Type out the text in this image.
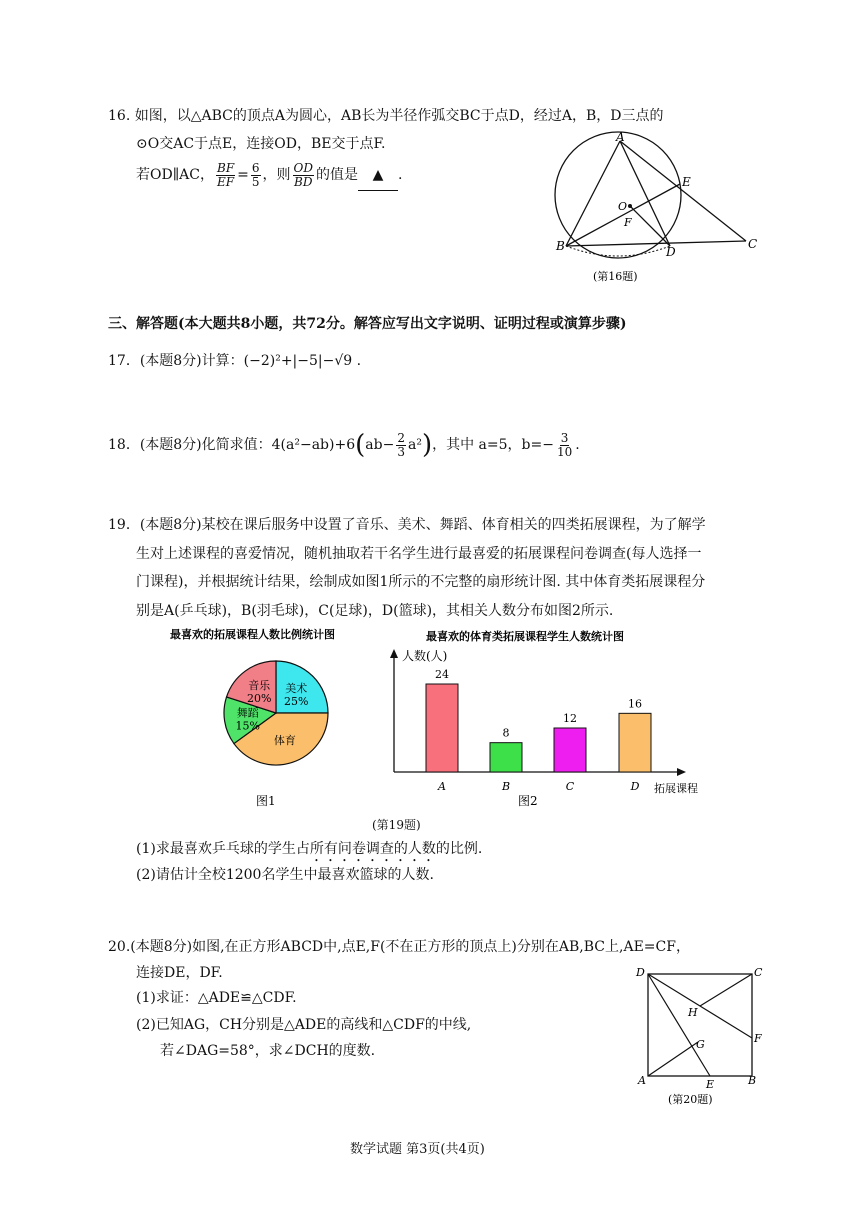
16. 如图，以△ABC的顶点A为圆心，AB长为半径作弧交BC于点D，经过A，B，D三点的
⊙O交AC于点E，连接OD，BE交于点F.
若OD∥AC， $\frac{BF}{EF} = \frac{6}{5}$ ，则 $\frac{OD}{BD}$ 的值是 ▲ .
A
B	C
D
E
F
O
(第16题)
三、解答题(本大题共8小题，共72分。解答应写出文字说明、证明过程或演算步骤)
17．(本题8分)计算：(−2)²+|−5|−√9 .
18．(本题8分)化简求值：$4(a^2-ab)+6(ab- \frac{2}{3} a^2)$，其中 a=5，$b=- \frac{3}{10}$ .
19．(本题8分)某校在课后服务中设置了音乐、美术、舞蹈、体育相关的四类拓展课程，为了解学
生对上述课程的喜爱情况，随机抽取若干名学生进行最喜爱的拓展课程问卷调查(每人选择一
门课程)，并根据统计结果，绘制成如图1所示的不完整的扇形统计图. 其中体育类拓展课程分
别是A(乒乓球)，B(羽毛球)，C(足球)，D(篮球)，其相关人数分布如图2所示.
最喜欢的拓展课程人数比例统计图
美术
25%
体育
舞蹈
15%
音乐
20%
图1
最喜欢的体育类拓展课程学生人数统计图
人数(人)
拓展课程
24
A
8
B
12
C
16
D
图2
(第19题)
(1)求最喜欢乒乓球的学生占所有问卷调查的人数的比例.
(2)请估计全校1200名学生中最喜欢篮球的人数.
20.(本题8分)如图,在正方形ABCD中,点E,F(不在正方形的顶点上)分别在AB,BC上,AE=CF，
连接DE，DF.
(1)求证：△ADE≌△CDF.
(2)已知AG，CH分别是△ADE的高线和△CDF的中线,
若∠DAG=58°，求∠DCH的度数.
D	C
A	B
E
F
G
H
(第20题)
数学试题 第3页(共4页)
